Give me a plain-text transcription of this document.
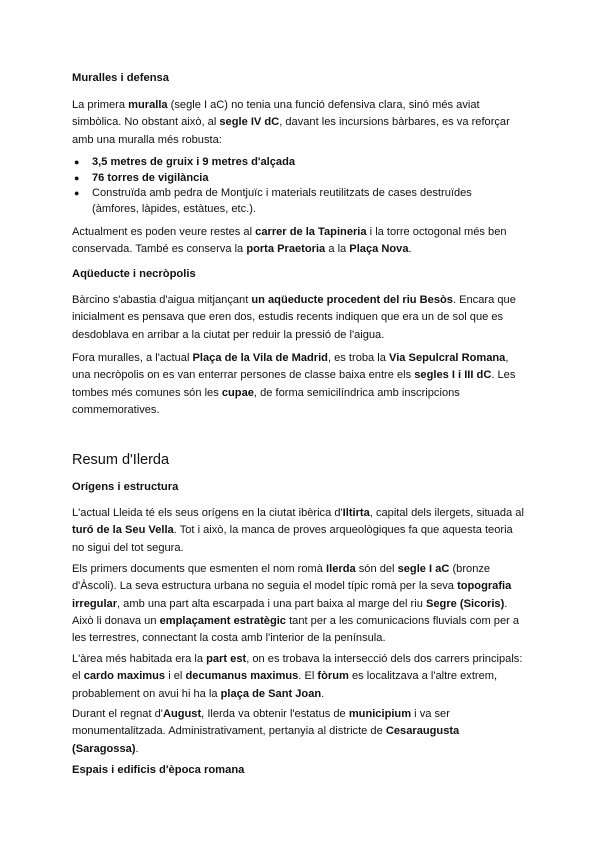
Muralles i defensa
La primera muralla (segle I aC) no tenia una funció defensiva clara, sinó més aviat
simbòlica. No obstant això, al segle IV dC, davant les incursions bàrbares, es va reforçar
amb una muralla més robusta:
● 3,5 metres de gruix i 9 metres d'alçada
● 76 torres de vigilància
● Construïda amb pedra de Montjuïc i materials reutilitzats de cases destruïdes
(àmfores, làpides, estàtues, etc.).
Actualment es poden veure restes al carrer de la Tapineria i la torre octogonal més ben
conservada. També es conserva la porta Praetoria a la Plaça Nova.
Aqüeducte i necròpolis
Bàrcino s'abastia d'aigua mitjançant un aqüeducte procedent del riu Besòs. Encara que
inicialment es pensava que eren dos, estudis recents indiquen que era un de sol que es
desdoblava en arribar a la ciutat per reduir la pressió de l'aigua.
Fora muralles, a l'actual Plaça de la Vila de Madrid, es troba la Via Sepulcral Romana,
una necròpolis on es van enterrar persones de classe baixa entre els segles I i III dC. Les
tombes més comunes són les cupae, de forma semicilíndrica amb inscripcions
commemoratives.
Resum d'Ilerda
Orígens i estructura
L'actual Lleida té els seus orígens en la ciutat ibèrica d'Iltirta, capital dels ilergets, situada al
turó de la Seu Vella. Tot i això, la manca de proves arqueològiques fa que aquesta teoria
no sigui del tot segura.
Els primers documents que esmenten el nom romà Ilerda són del segle I aC (bronze
d'Àscoli). La seva estructura urbana no seguia el model típic romà per la seva topografia
irregular, amb una part alta escarpada i una part baixa al marge del riu Segre (Sicoris).
Això li donava un emplaçament estratègic tant per a les comunicacions fluvials com per a
les terrestres, connectant la costa amb l'interior de la península.
L'àrea més habitada era la part est, on es trobava la intersecció dels dos carrers principals:
el cardo maximus i el decumanus maximus. El fòrum es localitzava a l'altre extrem,
probablement on avui hi ha la plaça de Sant Joan.
Durant el regnat d'August, Ilerda va obtenir l'estatus de municipium i va ser
monumentalitzada. Administrativament, pertanyia al districte de Cesaraugusta
(Saragossa).
Espais i edificis d'època romana
